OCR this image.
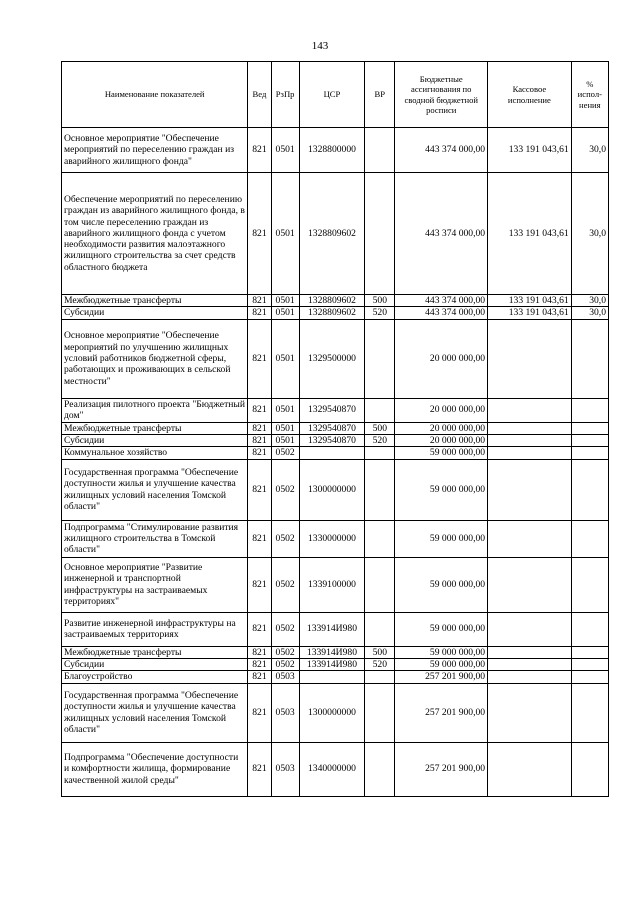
143
Наименование показателей	Вед	РзПр	ЦСР	ВР	Бюджетные ассигнования по сводной бюджетной росписи	Кассовое исполнение	% испол-нения
Основное мероприятие "Обеспечение мероприятий по переселению граждан из аварийного жилищного фонда"	821	0501	1328800000		443 374 000,00	133 191 043,61	30,0
Обеспечение мероприятий по переселению граждан из аварийного жилищного фонда, в том числе переселению граждан из аварийного жилищного фонда с учетом необходимости развития малоэтажного жилищного строительства за счет средств областного бюджета	821	0501	1328809602		443 374 000,00	133 191 043,61	30,0
Межбюджетные трансферты	821	0501	1328809602	500	443 374 000,00	133 191 043,61	30,0
Субсидии	821	0501	1328809602	520	443 374 000,00	133 191 043,61	30,0
Основное мероприятие "Обеспечение мероприятий по улучшению жилищных условий работников бюджетной сферы, работающих и проживающих в сельской местности"	821	0501	1329500000		20 000 000,00		
Реализация пилотного проекта "Бюджетный дом"	821	0501	1329540870		20 000 000,00		
Межбюджетные трансферты	821	0501	1329540870	500	20 000 000,00		
Субсидии	821	0501	1329540870	520	20 000 000,00		
Коммунальное хозяйство	821	0502			59 000 000,00		
Государственная программа "Обеспечение доступности жилья и улучшение качества жилищных условий населения Томской области"	821	0502	1300000000		59 000 000,00		
Подпрограмма "Стимулирование развития жилищного строительства в Томской области"	821	0502	1330000000		59 000 000,00		
Основное мероприятие "Развитие инженерной и транспортной инфраструктуры на застраиваемых территориях"	821	0502	1339100000		59 000 000,00		
Развитие инженерной инфраструктуры на застраиваемых территориях	821	0502	133914И980		59 000 000,00		
Межбюджетные трансферты	821	0502	133914И980	500	59 000 000,00		
Субсидии	821	0502	133914И980	520	59 000 000,00		
Благоустройство	821	0503			257 201 900,00		
Государственная программа "Обеспечение доступности жилья и улучшение качества жилищных условий населения Томской области"	821	0503	1300000000		257 201 900,00		
Подпрограмма "Обеспечение доступности и комфортности жилища, формирование качественной жилой среды"	821	0503	1340000000		257 201 900,00		
